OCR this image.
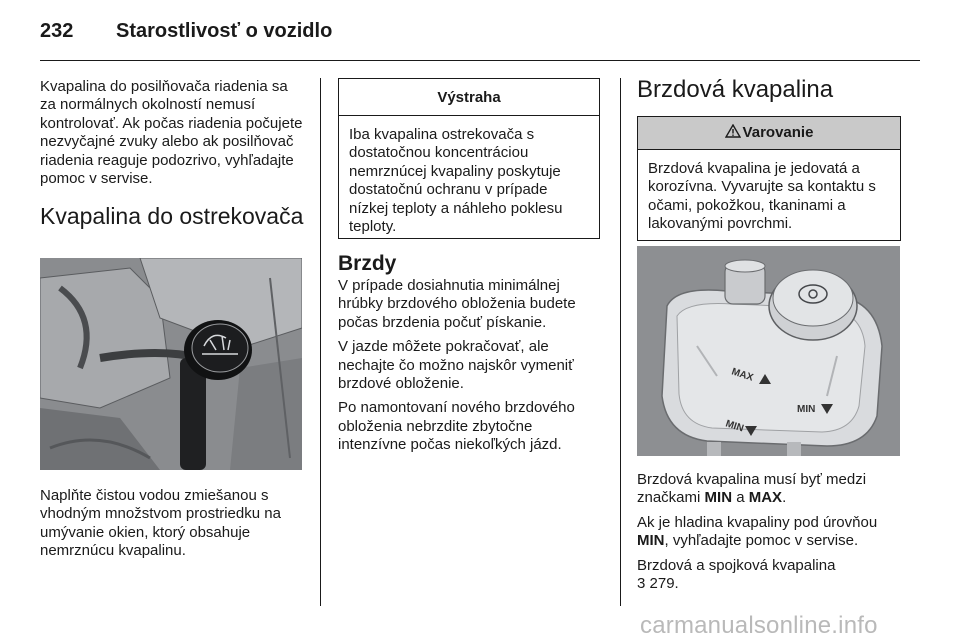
232 Starostlivosť o vozidlo

Kvapalina do posilňovača riadenia sa za normálnych okolností nemusí kontrolovať. Ak počas riadenia počujete nezvyčajné zvuky alebo ak posilňovač riadenia reaguje podozrivo, vyhľadajte pomoc v servise.

Kvapalina do ostrekovača

Naplňte čistou vodou zmiešanou s vhodným množstvom prostriedku na umývanie okien, ktorý obsahuje nemrznúcu kvapalinu.

Výstraha
Iba kvapalina ostrekovača s dostatočnou koncentráciou nemrznúcej kvapaliny poskytuje dostatočnú ochranu v prípade nízkej teploty a náhleho poklesu teploty.
Brzdy

V prípade dosiahnutia minimálnej hrúbky brzdového obloženia budete počas brzdenia počuť pískanie.

V jazde môžete pokračovať, ale nechajte čo možno najskôr vymeniť brzdové obloženie.

Po namontovaní nového brzdového obloženia nebrzdite zbytočne intenzívne počas niekoľkých jázd.

Brzdová kvapalina
Varovanie
Brzdová kvapalina je jedovatá a korozívna. Vyvarujte sa kontaktu s očami, pokožkou, tkaninami a lakovanými povrchmi.
MAX
MIN
MIN

Brzdová kvapalina musí byť medzi značkami MIN a MAX.

Ak je hladina kvapaliny pod úrovňou MIN, vyhľadajte pomoc v servise.

Brzdová a spojková kvapalina
3 279.

carmanualsonline.info
